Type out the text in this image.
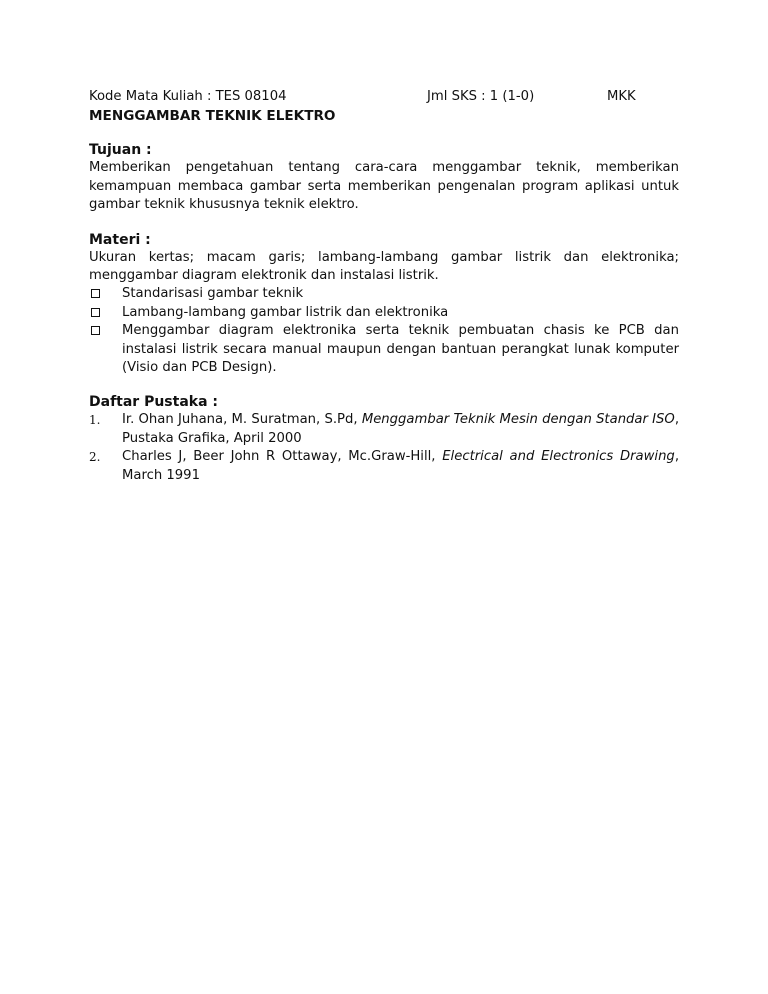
Kode Mata Kuliah : TES 08104	Jml SKS : 1 (1-0)	MKK
MENGGAMBAR TEKNIK ELEKTRO
Tujuan :

Memberikan pengetahuan tentang cara-cara menggambar teknik, memberikan kemampuan membaca gambar serta memberikan pengenalan program aplikasi untuk gambar teknik khususnya teknik elektro.

Materi :

Ukuran kertas; macam garis; lambang-lambang gambar listrik dan elektronika; menggambar diagram elektronik dan instalasi listrik.

Standarisasi gambar teknik
Lambang-lambang gambar listrik dan elektronika
Menggambar diagram elektronika serta teknik pembuatan chasis ke PCB dan instalasi listrik secara manual maupun dengan bantuan perangkat lunak komputer (Visio dan PCB Design).
Daftar Pustaka :
1. Ir. Ohan Juhana, M. Suratman, S.Pd, Menggambar Teknik Mesin dengan Standar ISO, Pustaka Grafika, April 2000
2. Charles J, Beer John R Ottaway, Mc.Graw-Hill, Electrical and Electronics Drawing, March 1991
